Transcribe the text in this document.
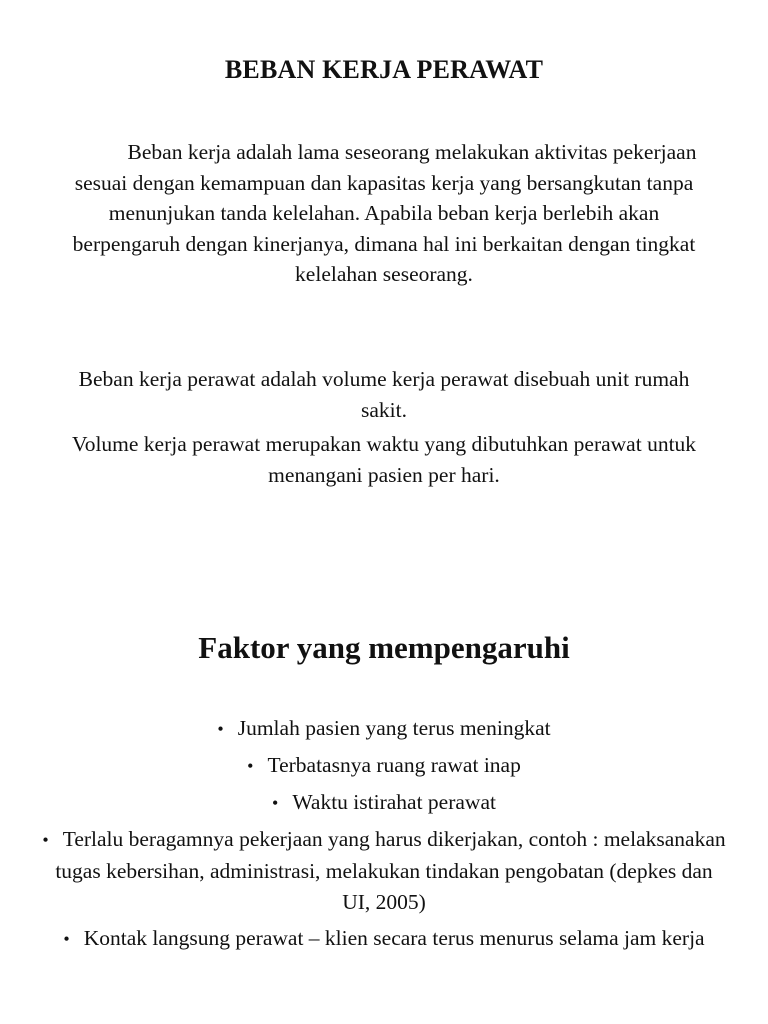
BEBAN KERJA PERAWAT

Beban kerja adalah lama seseorang melakukan aktivitas pekerjaan sesuai dengan kemampuan dan kapasitas kerja yang bersangkutan tanpa menunjukan tanda kelelahan. Apabila beban kerja berlebih akan berpengaruh dengan kinerjanya, dimana hal ini berkaitan dengan tingkat kelelahan seseorang.

Beban kerja perawat adalah volume kerja perawat disebuah unit rumah sakit.

Volume kerja perawat merupakan waktu yang dibutuhkan perawat untuk menangani pasien per hari.

Faktor yang mempengaruhi
• Jumlah pasien yang terus meningkat
• Terbatasnya ruang rawat inap
• Waktu istirahat perawat
• Terlalu beragamnya pekerjaan yang harus dikerjakan, contoh : melaksanakan tugas kebersihan, administrasi, melakukan tindakan pengobatan (depkes dan UI, 2005)
• Kontak langsung perawat – klien secara terus menurus selama jam kerja
